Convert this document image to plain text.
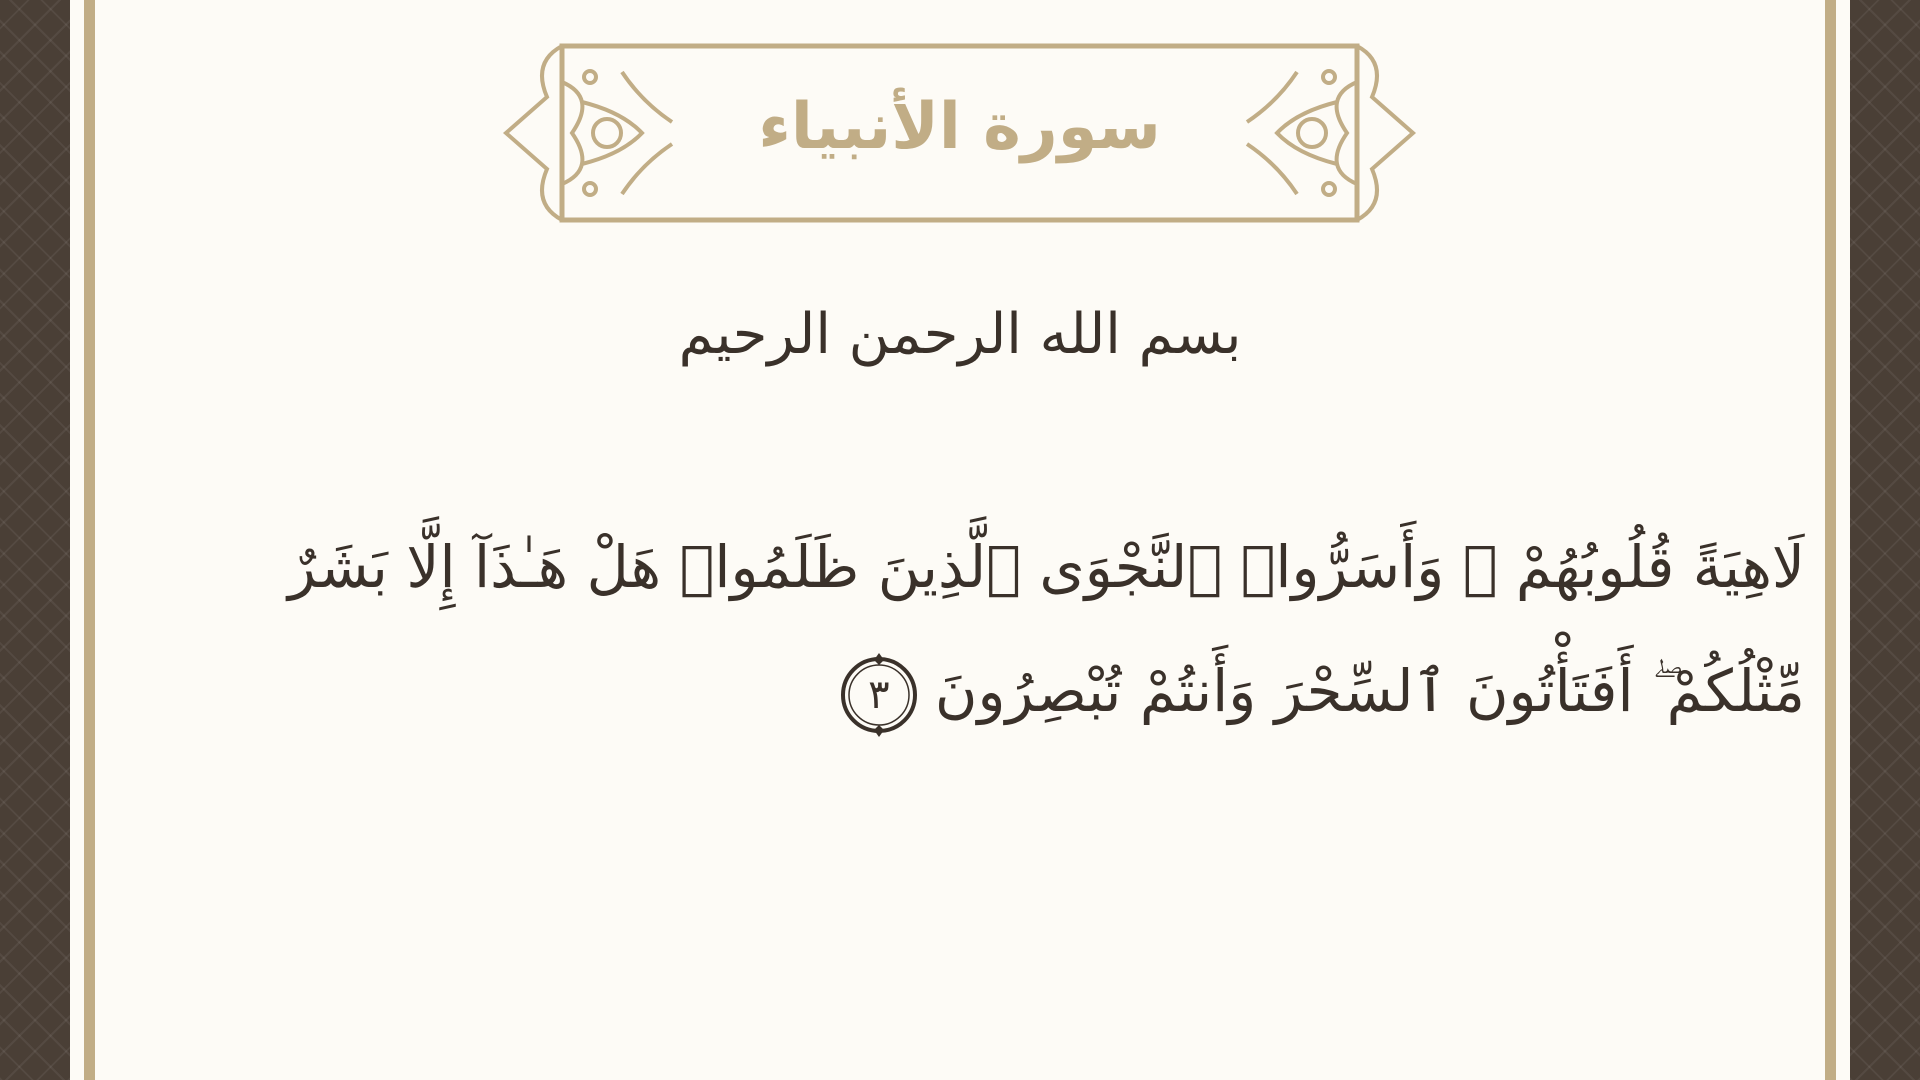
سورة الأنبياء
بسم الله الرحمن الرحيم
لَاهِيَةً قُلُوبُهُمْ ۗ وَأَسَرُّوا۟ ٱلنَّجْوَى ٱلَّذِينَ ظَلَمُوا۟ هَلْ هَـٰذَآ إِلَّا بَشَرٌ
مِّثْلُكُمْ ۖ أَفَتَأْتُونَ ٱلسِّحْرَ وَأَنتُمْ تُبْصِرُونَ
٣
